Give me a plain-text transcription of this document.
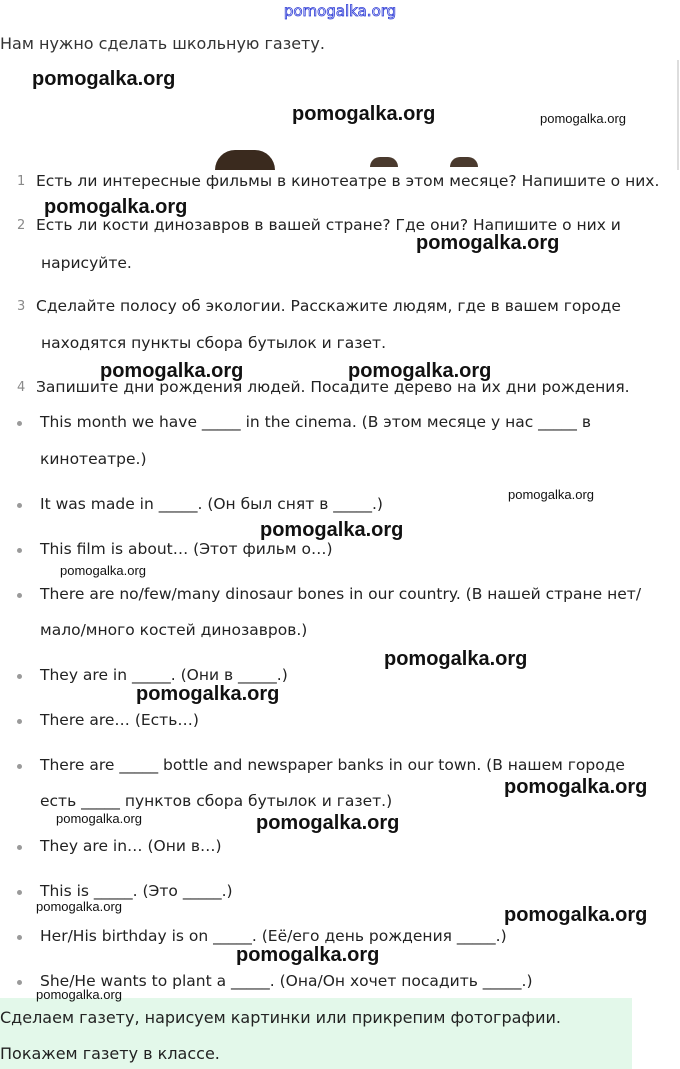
pomogalka.org
Нам нужно сделать школьную газету.
1 Есть ли интересные фильмы в кинотеатре в этом месяце? Напишите о них.
2 Есть ли кости динозавров в вашей стране? Где они? Напишите о них и
нарисуйте.
3 Сделайте полосу об экологии. Расскажите людям, где в вашем городе
находятся пункты сбора бутылок и газет.
4 Запишите дни рождения людей. Посадите дерево на их дни рождения.
This month we have _____ in the cinema. (В этом месяце у нас _____ в
кинотеатре.)
It was made in _____. (Он был снят в _____.)
This film is about… (Этот фильм о…)
There are no/few/many dinosaur bones in our country. (В нашей стране нет/
мало/много костей динозавров.)
They are in _____. (Они в _____.)
There are… (Есть…)
There are _____ bottle and newspaper banks in our town. (В нашем городе
есть _____ пунктов сбора бутылок и газет.)
They are in… (Они в…)
This is _____. (Это _____.)
Her/His birthday is on _____. (Её/его день рождения _____.)
She/He wants to plant a _____. (Она/Он хочет посадить _____.)
Сделаем газету, нарисуем картинки или прикрепим фотографии.
Покажем газету в классе.
pomogalka.org
pomogalka.org	pomogalka.org
pomogalka.org
pomogalka.org
pomogalka.org	pomogalka.org
pomogalka.org
pomogalka.org
pomogalka.org
pomogalka.org
pomogalka.org
pomogalka.org
pomogalka.org	pomogalka.org
pomogalka.org	pomogalka.org
pomogalka.org
pomogalka.org
